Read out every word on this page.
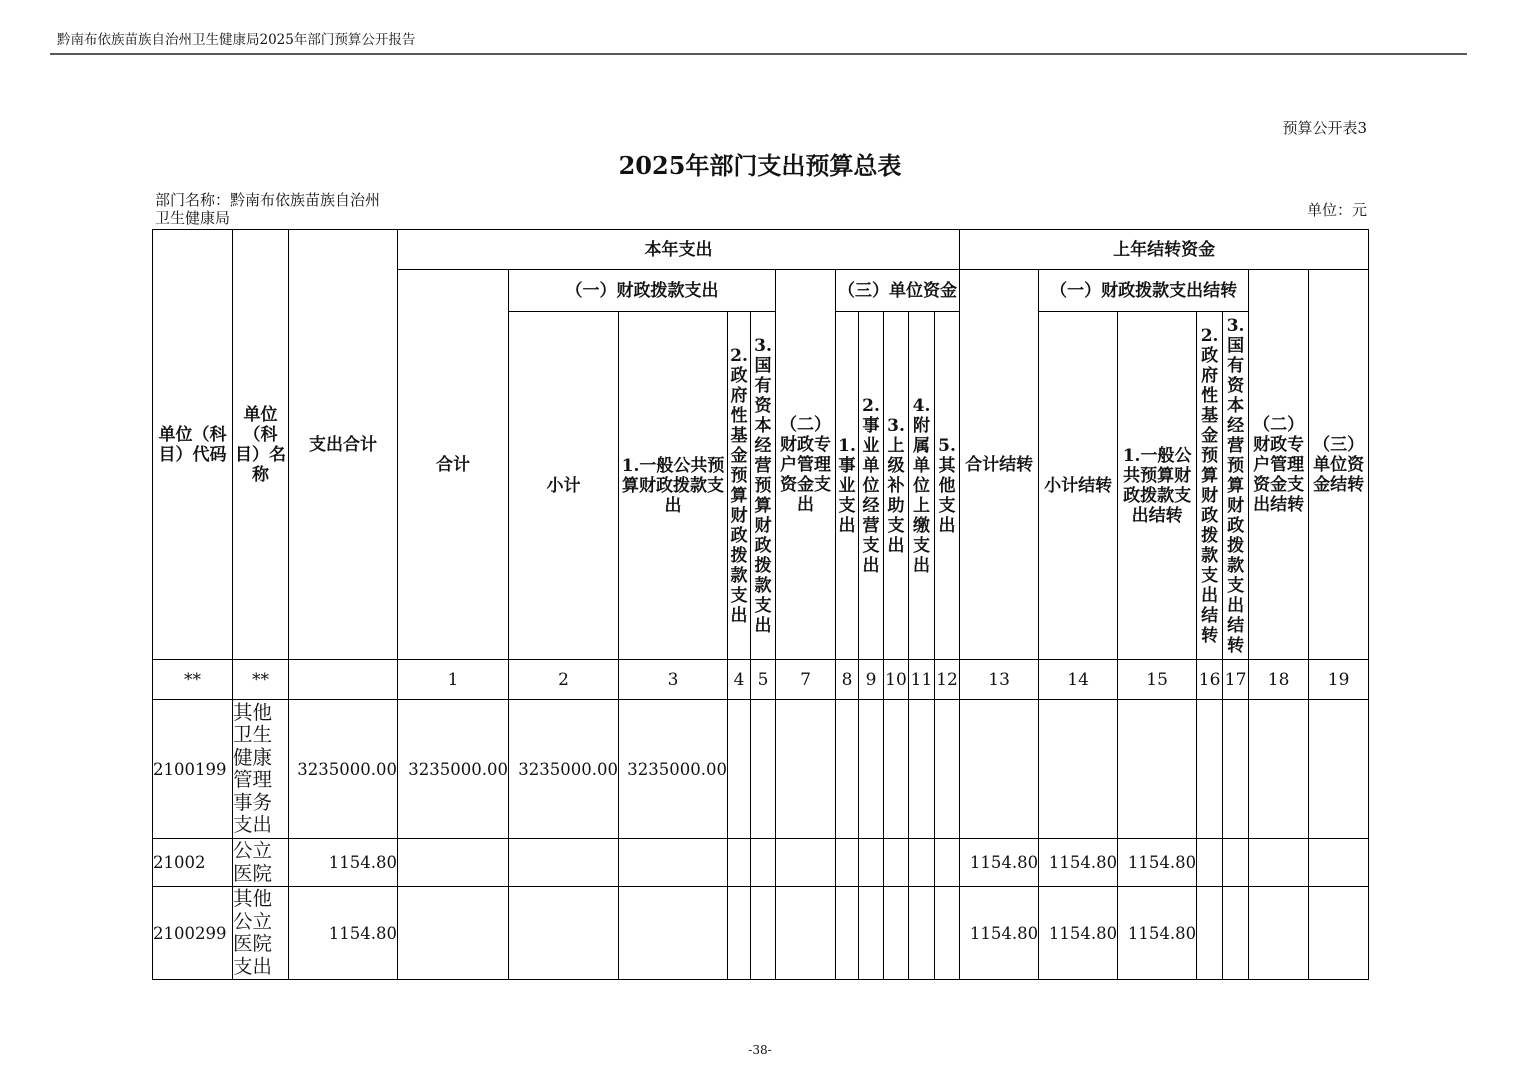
黔南布依族苗族自治州卫生健康局2025年部门预算公开报告
预算公开表3
2025年部门支出预算总表
部门名称：黔南布依族苗族自治州
卫生健康局	单位：元
单位（科目）代码	单位（科目）名称	支出合计	本年支出											上年结转资金						
			合计	（一）财政拨款支出				（二）财政专户管理资金支出	（三）单位资金					合计结转	（一）财政拨款支出结转				（二）财政专户管理资金支出结转	（三）单位资金结转
				小计	1.一般公共预算财政拨款支出	2.政府性基金预算财政拨款支出	3.国有资本经营预算财政拨款支出		1.事业支出	2.事业单位经营支出	3.上级补助支出	4.附属单位上缴支出	5.其他支出		小计结转	1.一般公共预算财政拨款支出结转	2.政府性基金预算财政拨款支出结转	3.国有资本经营预算财政拨款支出结转		
**	**		1	2	3	4	5	7	8	9	10	11	12	13	14	15	16	17	18	19
2100199	其他卫生健康管理事务支出	3235000.00	3235000.00	3235000.00	3235000.00															
21002	公立医院	1154.80												1154.80	1154.80	1154.80				
2100299	其他公立医院支出	1154.80												1154.80	1154.80	1154.80				
-38-
